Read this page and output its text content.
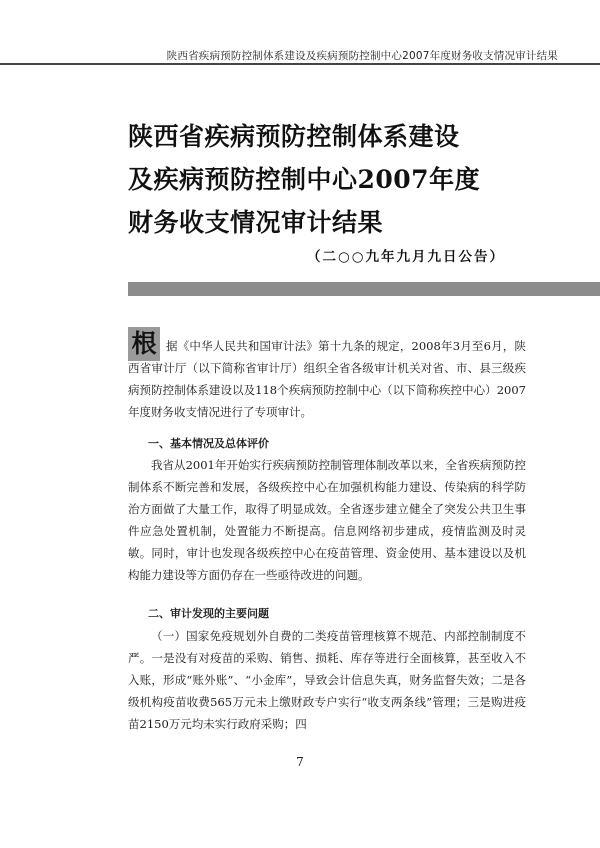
陕西省疾病预防控制体系建设及疾病预防控制中心2007年度财务收支情况审计结果
陕西省疾病预防控制体系建设
及疾病预防控制中心2007年度
财务收支情况审计结果
（二○○九年九月九日公告）
根 据《中华人民共和国审计法》第十九条的规定，2008年3月至6月，陕西省审计厅（以下简称省审计厅）组织全省各级审计机关对省、市、县三级疾病预防控制体系建设以及118个疾病预防控制中心（以下简称疾控中心）2007年度财务收支情况进行了专项审计。

一、基本情况及总体评价

我省从2001年开始实行疾病预防控制管理体制改革以来，全省疾病预防控制体系不断完善和发展，各级疾控中心在加强机构能力建设、传染病的科学防治方面做了大量工作，取得了明显成效。全省逐步建立健全了突发公共卫生事件应急处置机制，处置能力不断提高。信息网络初步建成，疫情监测及时灵敏。同时，审计也发现各级疾控中心在疫苗管理、资金使用、基本建设以及机构能力建设等方面仍存在一些亟待改进的问题。

二、审计发现的主要问题

（一）国家免疫规划外自费的二类疫苗管理核算不规范、内部控制制度不严。一是没有对疫苗的采购、销售、损耗、库存等进行全面核算，甚至收入不入账，形成“账外账”、“小金库”，导致会计信息失真，财务监督失效；二是各级机构疫苗收费565万元未上缴财政专户实行“收支两条线”管理；三是购进疫苗2150万元均未实行政府采购；四

7
